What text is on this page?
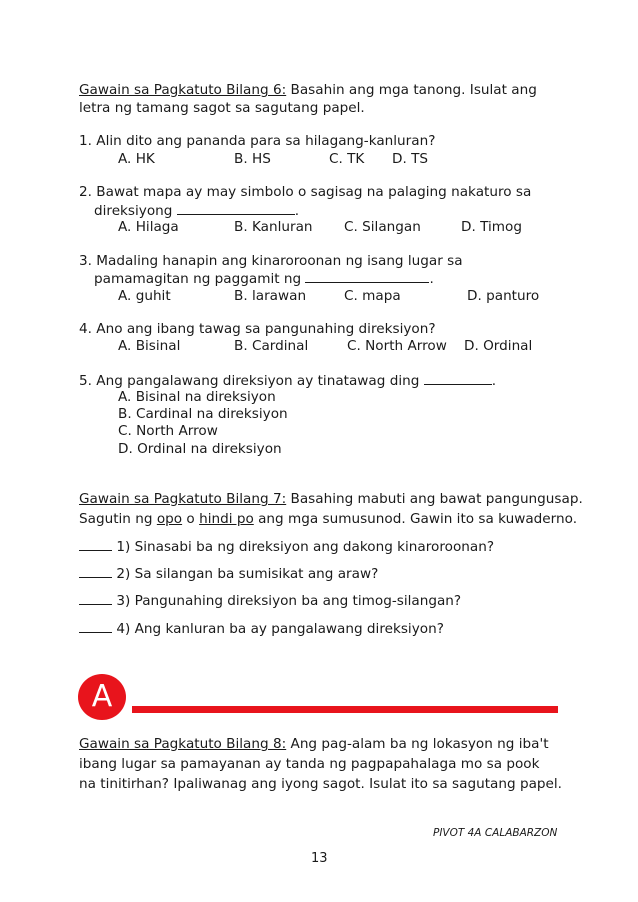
Gawain sa Pagkatuto Bilang 6: Basahin ang mga tanong. Isulat ang
letra ng tamang sagot sa sagutang papel.
1. Alin dito ang pananda para sa hilagang-kanluran?
A. HK	B. HS	C. TK D. TS
2. Bawat mapa ay may simbolo o sagisag na palaging nakaturo sa
direksiyong	.
A. Hilaga	B. Kanluran C. Silangan	D. Timog
3. Madaling hanapin ang kinaroroonan ng isang lugar sa
pamamagitan ng paggamit ng	.
A. guhit	B. larawan	C. mapa	D. panturo
4. Ano ang ibang tawag sa pangunahing direksiyon?
A. Bisinal	B. Cardinal	C. North Arrow D. Ordinal
5. Ang pangalawang direksiyon ay tinatawag ding	.
A. Bisinal na direksiyon
B. Cardinal na direksiyon
C. North Arrow
D. Ordinal na direksiyon
Gawain sa Pagkatuto Bilang 7: Basahing mabuti ang bawat pangungusap.
Sagutin ng opo o hindi po ang mga sumusunod. Gawin ito sa kuwaderno.
1) Sinasabi ba ng direksiyon ang dakong kinaroroonan?
2) Sa silangan ba sumisikat ang araw?
3) Pangunahing direksiyon ba ang timog-silangan?
4) Ang kanluran ba ay pangalawang direksiyon?
A
Gawain sa Pagkatuto Bilang 8: Ang pag-alam ba ng lokasyon ng iba't
ibang lugar sa pamayanan ay tanda ng pagpapahalaga mo sa pook
na tinitirhan? Ipaliwanag ang iyong sagot. Isulat ito sa sagutang papel.
PIVOT 4A CALABARZON
13
